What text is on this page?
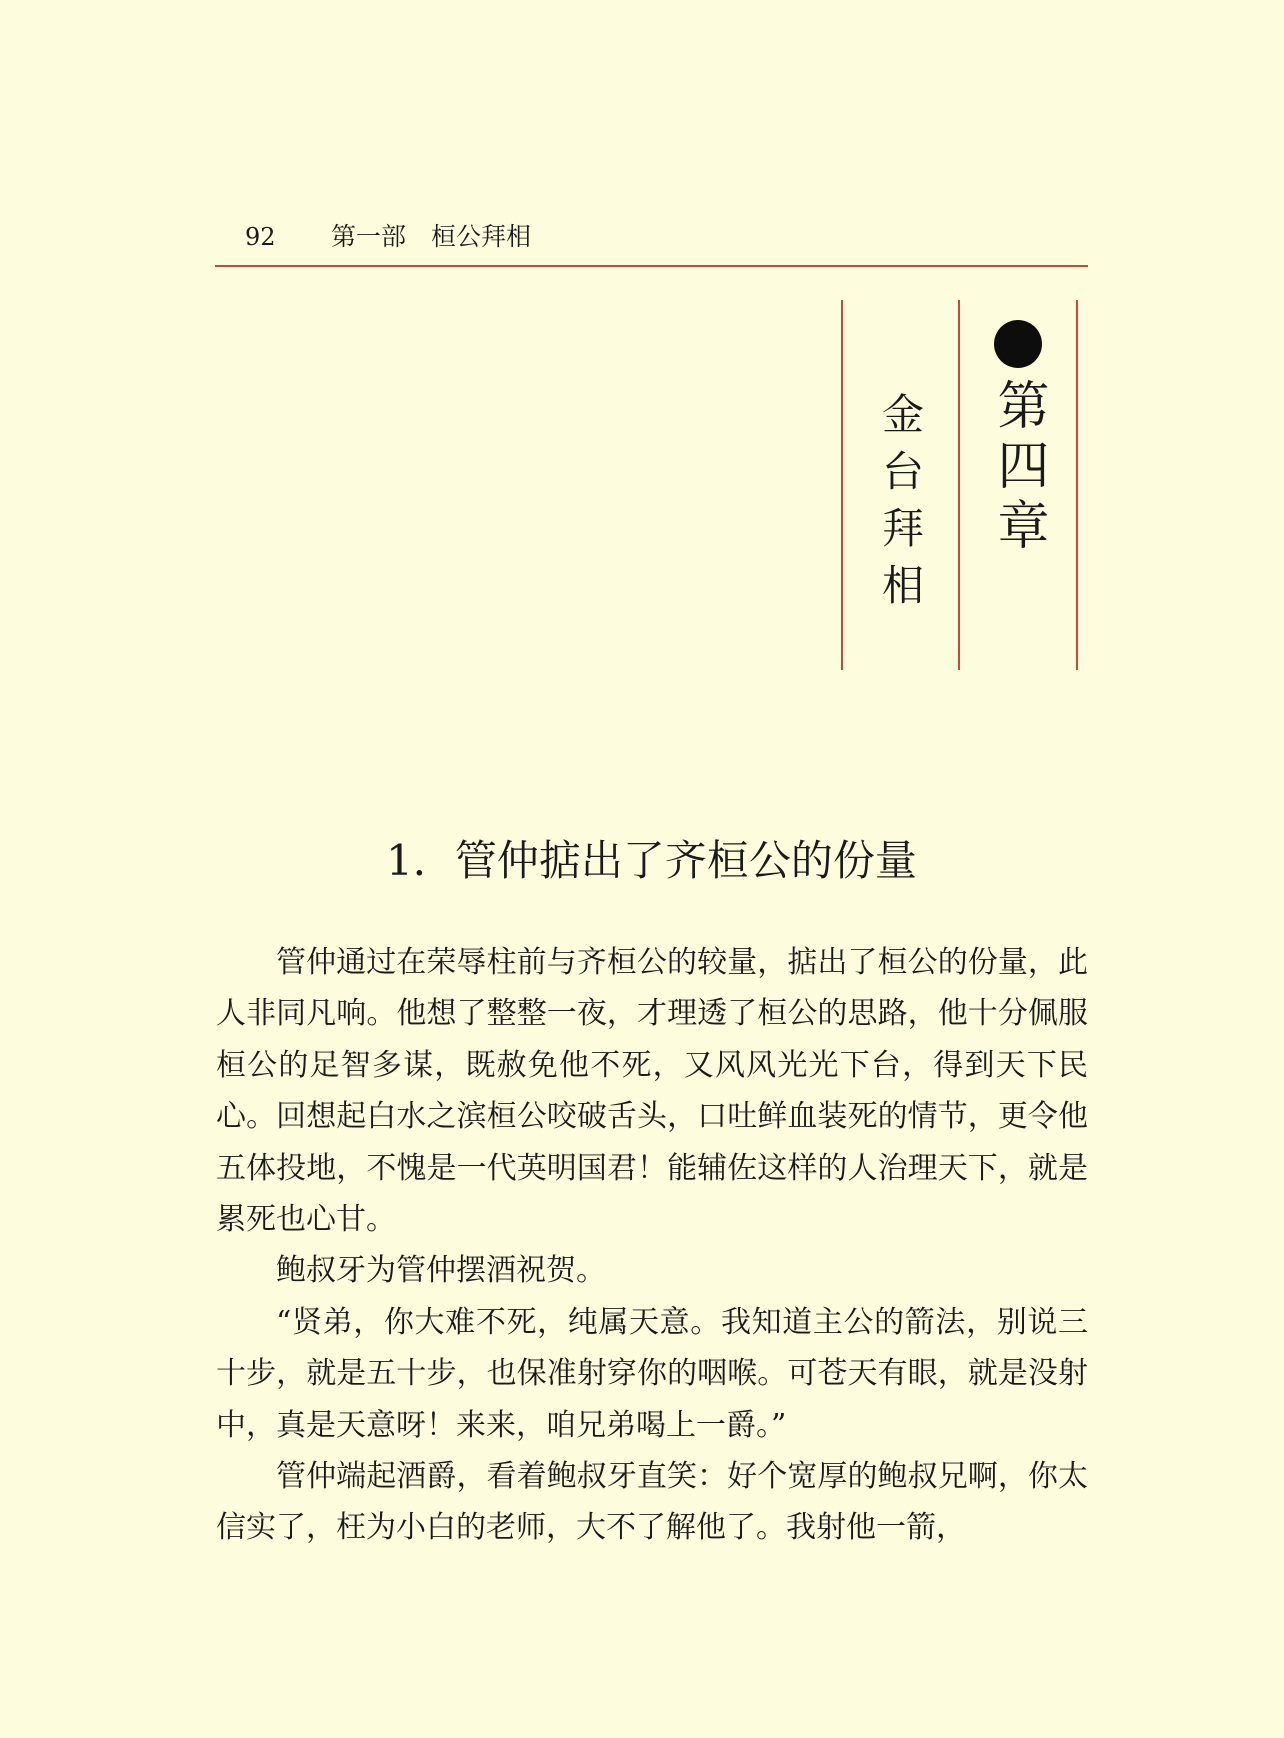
92 第一部　桓公拜相
第四章
金台拜相
1．管仲掂出了齐桓公的份量

管仲通过在荣辱柱前与齐桓公的较量，掂出了桓公的份量，此人非同凡响。他想了整整一夜，才理透了桓公的思路，他十分佩服桓公的足智多谋，既赦免他不死，又风风光光下台，得到天下民心。回想起白水之滨桓公咬破舌头，口吐鲜血装死的情节，更令他五体投地，不愧是一代英明国君！能辅佐这样的人治理天下，就是累死也心甘。

鲍叔牙为管仲摆酒祝贺。

“贤弟，你大难不死，纯属天意。我知道主公的箭法，别说三十步，就是五十步，也保准射穿你的咽喉。可苍天有眼，就是没射中，真是天意呀！来来，咱兄弟喝上一爵。”

管仲端起酒爵，看着鲍叔牙直笑：好个宽厚的鲍叔兄啊，你太信实了，枉为小白的老师，大不了解他了。我射他一箭，
